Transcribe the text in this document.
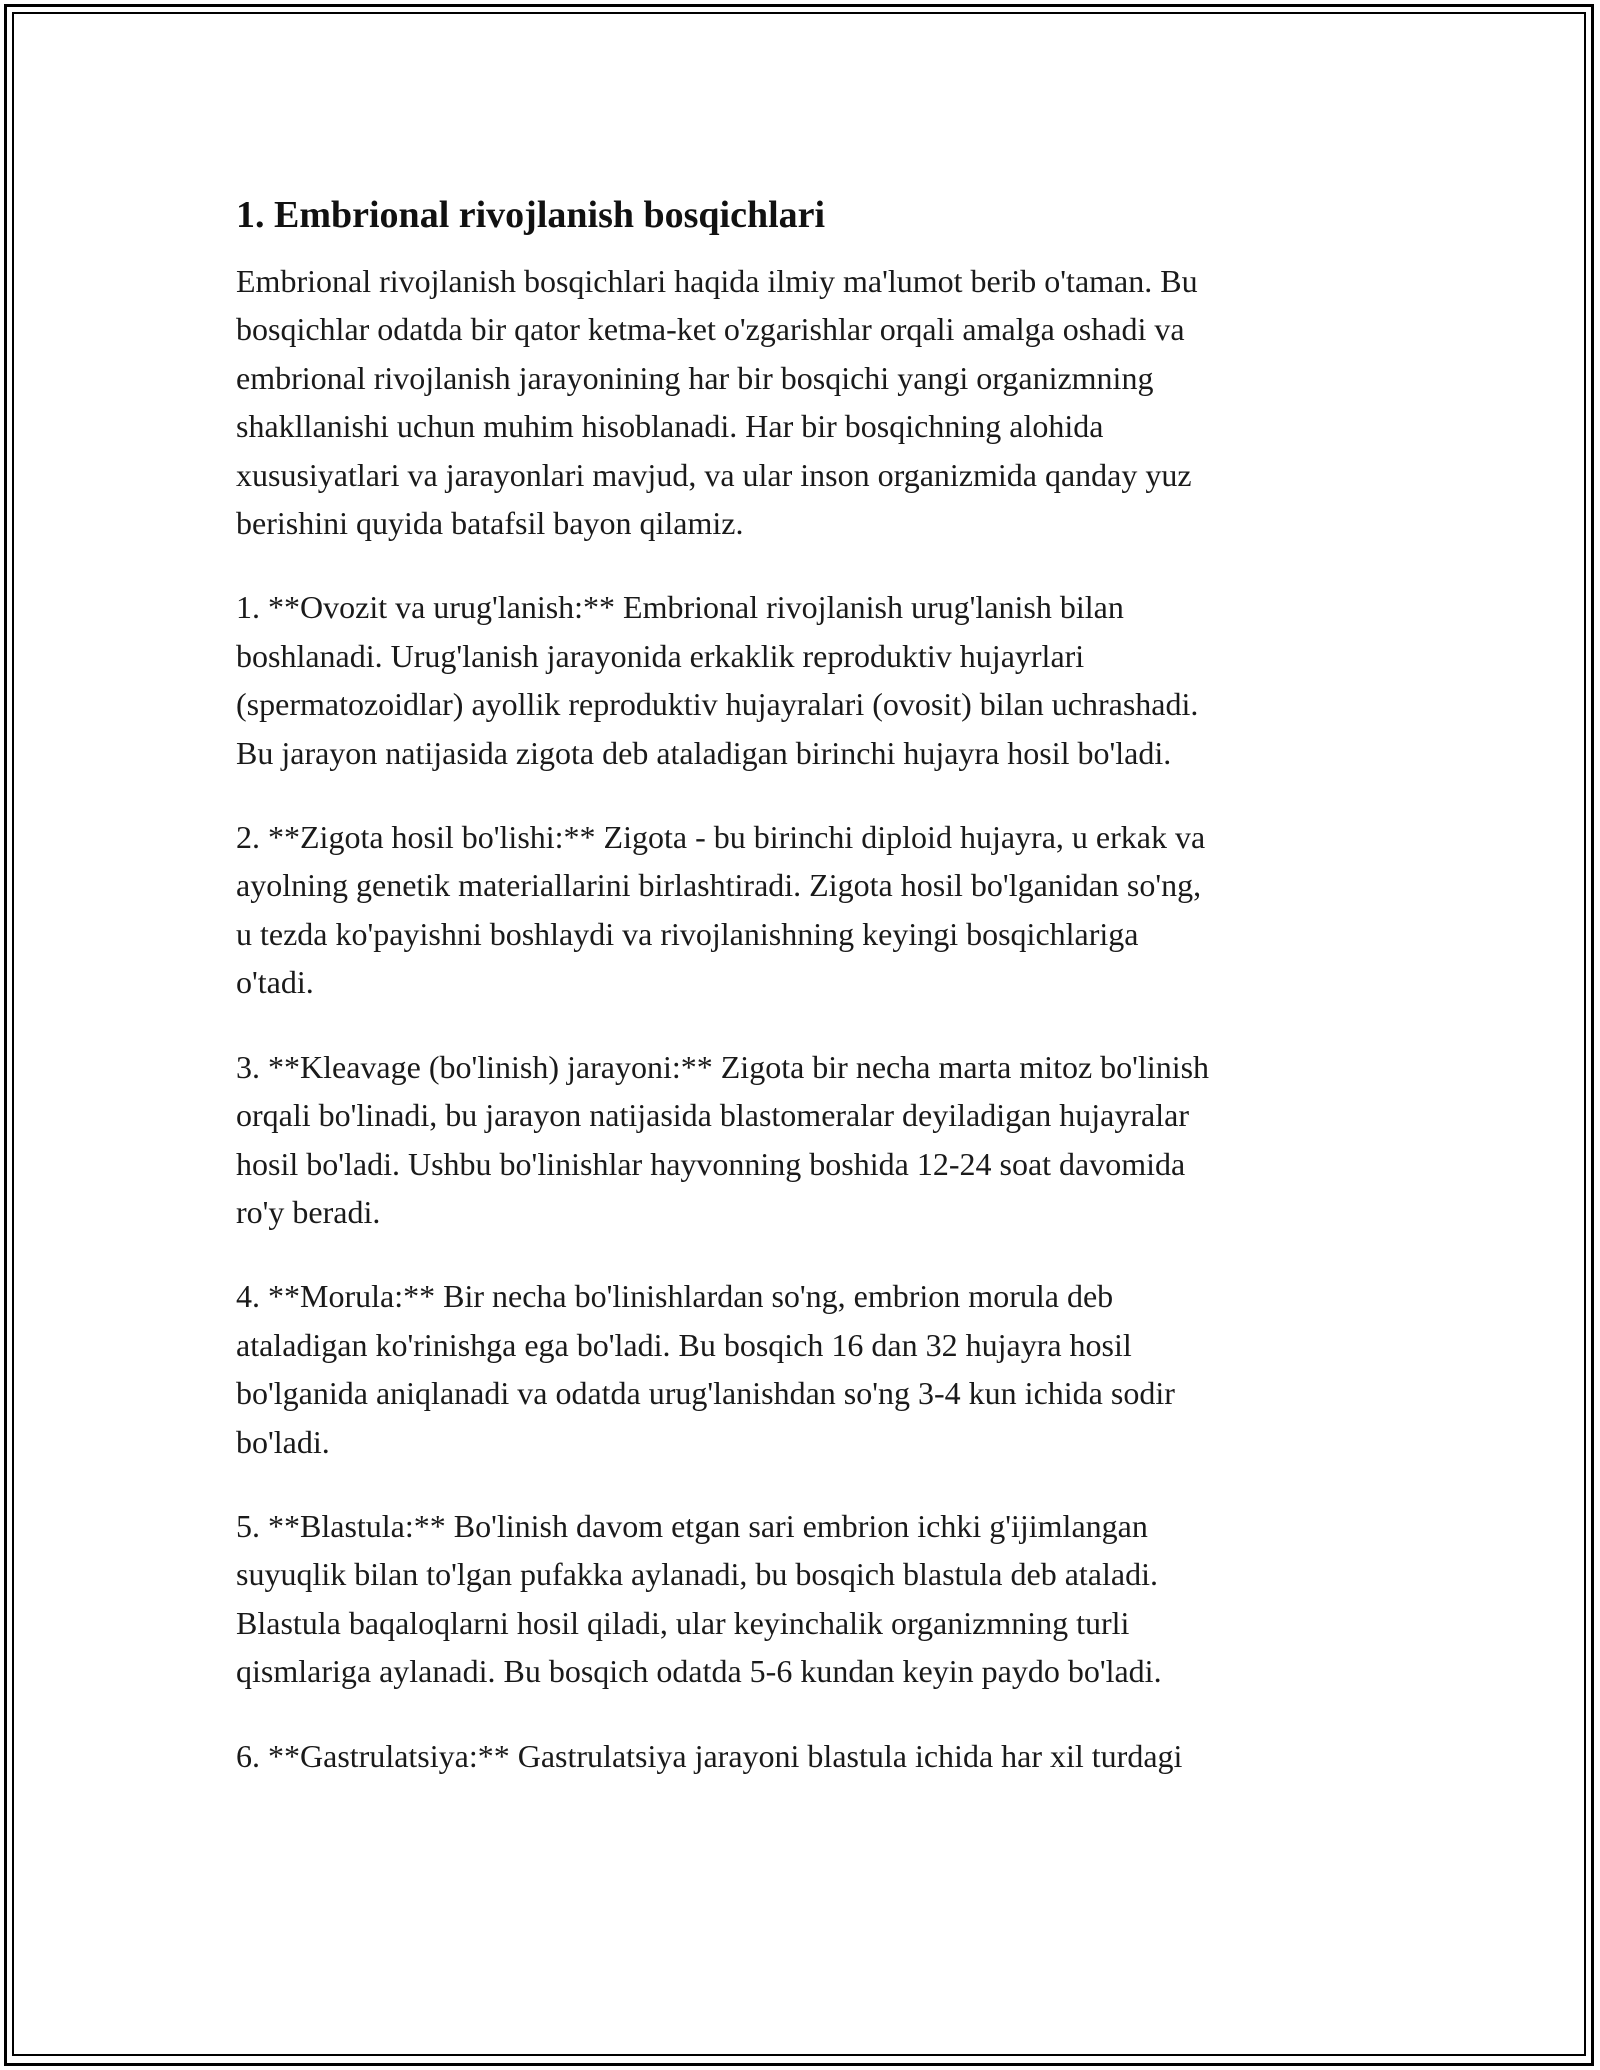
1. Embrional rivojlanish bosqichlari

Embrional rivojlanish bosqichlari haqida ilmiy ma'lumot berib o'taman. Bu
bosqichlar odatda bir qator ketma-ket o'zgarishlar orqali amalga oshadi va
embrional rivojlanish jarayonining har bir bosqichi yangi organizmning
shakllanishi uchun muhim hisoblanadi. Har bir bosqichning alohida
xususiyatlari va jarayonlari mavjud, va ular inson organizmida qanday yuz
berishini quyida batafsil bayon qilamiz.

1. **Ovozit va urug'lanish:** Embrional rivojlanish urug'lanish bilan
boshlanadi. Urug'lanish jarayonida erkaklik reproduktiv hujayrlari
(spermatozoidlar) ayollik reproduktiv hujayralari (ovosit) bilan uchrashadi.
Bu jarayon natijasida zigota deb ataladigan birinchi hujayra hosil bo'ladi.

2. **Zigota hosil bo'lishi:** Zigota - bu birinchi diploid hujayra, u erkak va
ayolning genetik materiallarini birlashtiradi. Zigota hosil bo'lganidan so'ng,
u tezda ko'payishni boshlaydi va rivojlanishning keyingi bosqichlariga
o'tadi.

3. **Kleavage (bo'linish) jarayoni:** Zigota bir necha marta mitoz bo'linish
orqali bo'linadi, bu jarayon natijasida blastomeralar deyiladigan hujayralar
hosil bo'ladi. Ushbu bo'linishlar hayvonning boshida 12-24 soat davomida
ro'y beradi.

4. **Morula:** Bir necha bo'linishlardan so'ng, embrion morula deb
ataladigan ko'rinishga ega bo'ladi. Bu bosqich 16 dan 32 hujayra hosil
bo'lganida aniqlanadi va odatda urug'lanishdan so'ng 3-4 kun ichida sodir
bo'ladi.

5. **Blastula:** Bo'linish davom etgan sari embrion ichki g'ijimlangan
suyuqlik bilan to'lgan pufakka aylanadi, bu bosqich blastula deb ataladi.
Blastula baqaloqlarni hosil qiladi, ular keyinchalik organizmning turli
qismlariga aylanadi. Bu bosqich odatda 5-6 kundan keyin paydo bo'ladi.

6. **Gastrulatsiya:** Gastrulatsiya jarayoni blastula ichida har xil turdagi
